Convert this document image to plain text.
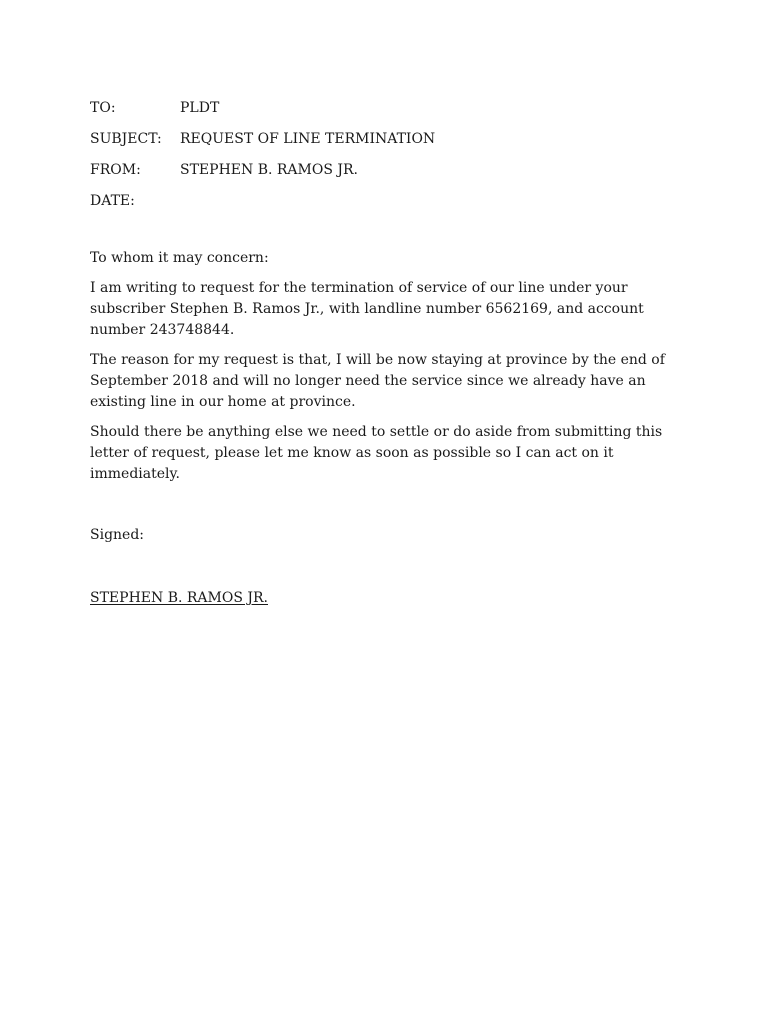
TO:	PLDT
SUBJECT:	REQUEST OF LINE TERMINATION
FROM:	STEPHEN B. RAMOS JR.
DATE:
To whom it may concern:
I am writing to request for the termination of service of our line under your subscriber Stephen B. Ramos Jr., with landline number 6562169, and account number 243748844.
The reason for my request is that, I will be now staying at province by the end of September 2018 and will no longer need the service since we already have an existing line in our home at province.
Should there be anything else we need to settle or do aside from submitting this letter of request, please let me know as soon as possible so I can act on it immediately.
Signed:
STEPHEN B. RAMOS JR.
